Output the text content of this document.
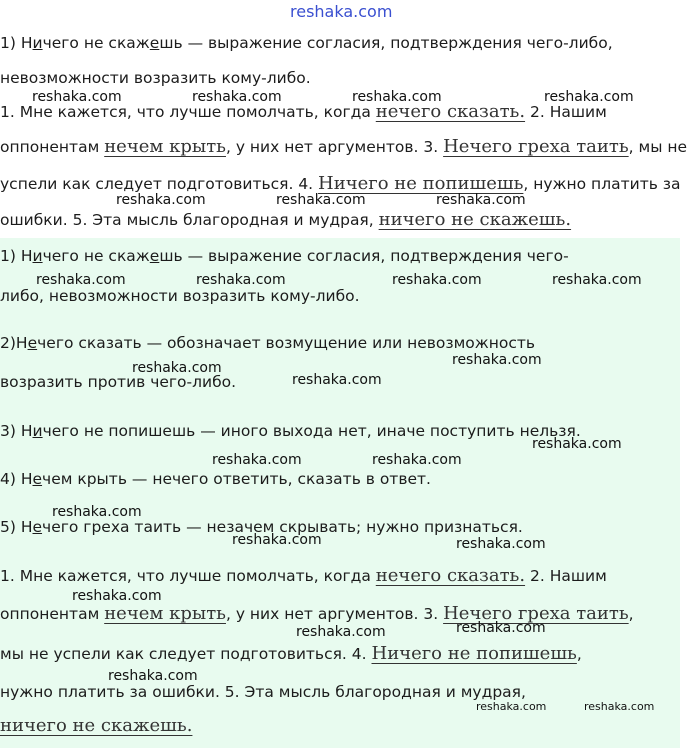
reshaka.com
1) Ничего не скажешь — выражение согласия, подтверждения чего-либо,
невозможности возразить кому-либо.
1. Мне кажется, что лучше помолчать, когда нечего сказать. 2. Нашим
оппонентам нечем крыть, у них нет аргументов. 3. Нечего греха таить, мы не
успели как следует подготовиться. 4. Ничего не попишешь, нужно платить за
ошибки. 5. Эта мысль благородная и мудрая, ничего не скажешь.
1) Ничего не скажешь — выражение согласия, подтверждения чего-
либо, невозможности возразить кому-либо.
2)Нечего сказать — обозначает возмущение или невозможность
возразить против чего-либо.
3) Ничего не попишешь — иного выхода нет, иначе поступить нельзя.
4) Нечем крыть — нечего ответить, сказать в ответ.
5) Нечего греха таить — незачем скрывать; нужно признаться.
1. Мне кажется, что лучше помолчать, когда нечего сказать. 2. Нашим
оппонентам нечем крыть, у них нет аргументов. 3. Нечего греха таить,
мы не успели как следует подготовиться. 4. Ничего не попишешь,
нужно платить за ошибки. 5. Эта мысль благородная и мудрая,
ничего не скажешь.
reshaka.com	reshaka.com	reshaka.com	reshaka.com
reshaka.com	reshaka.com	reshaka.com
reshaka.com	reshaka.com	reshaka.com	reshaka.com
reshaka.com
reshaka.com
reshaka.com
reshaka.com
reshaka.com	reshaka.com
reshaka.com
reshaka.com	reshaka.com
reshaka.com
reshaka.com	reshaka.com
reshaka.com
reshaka.com	reshaka.com
